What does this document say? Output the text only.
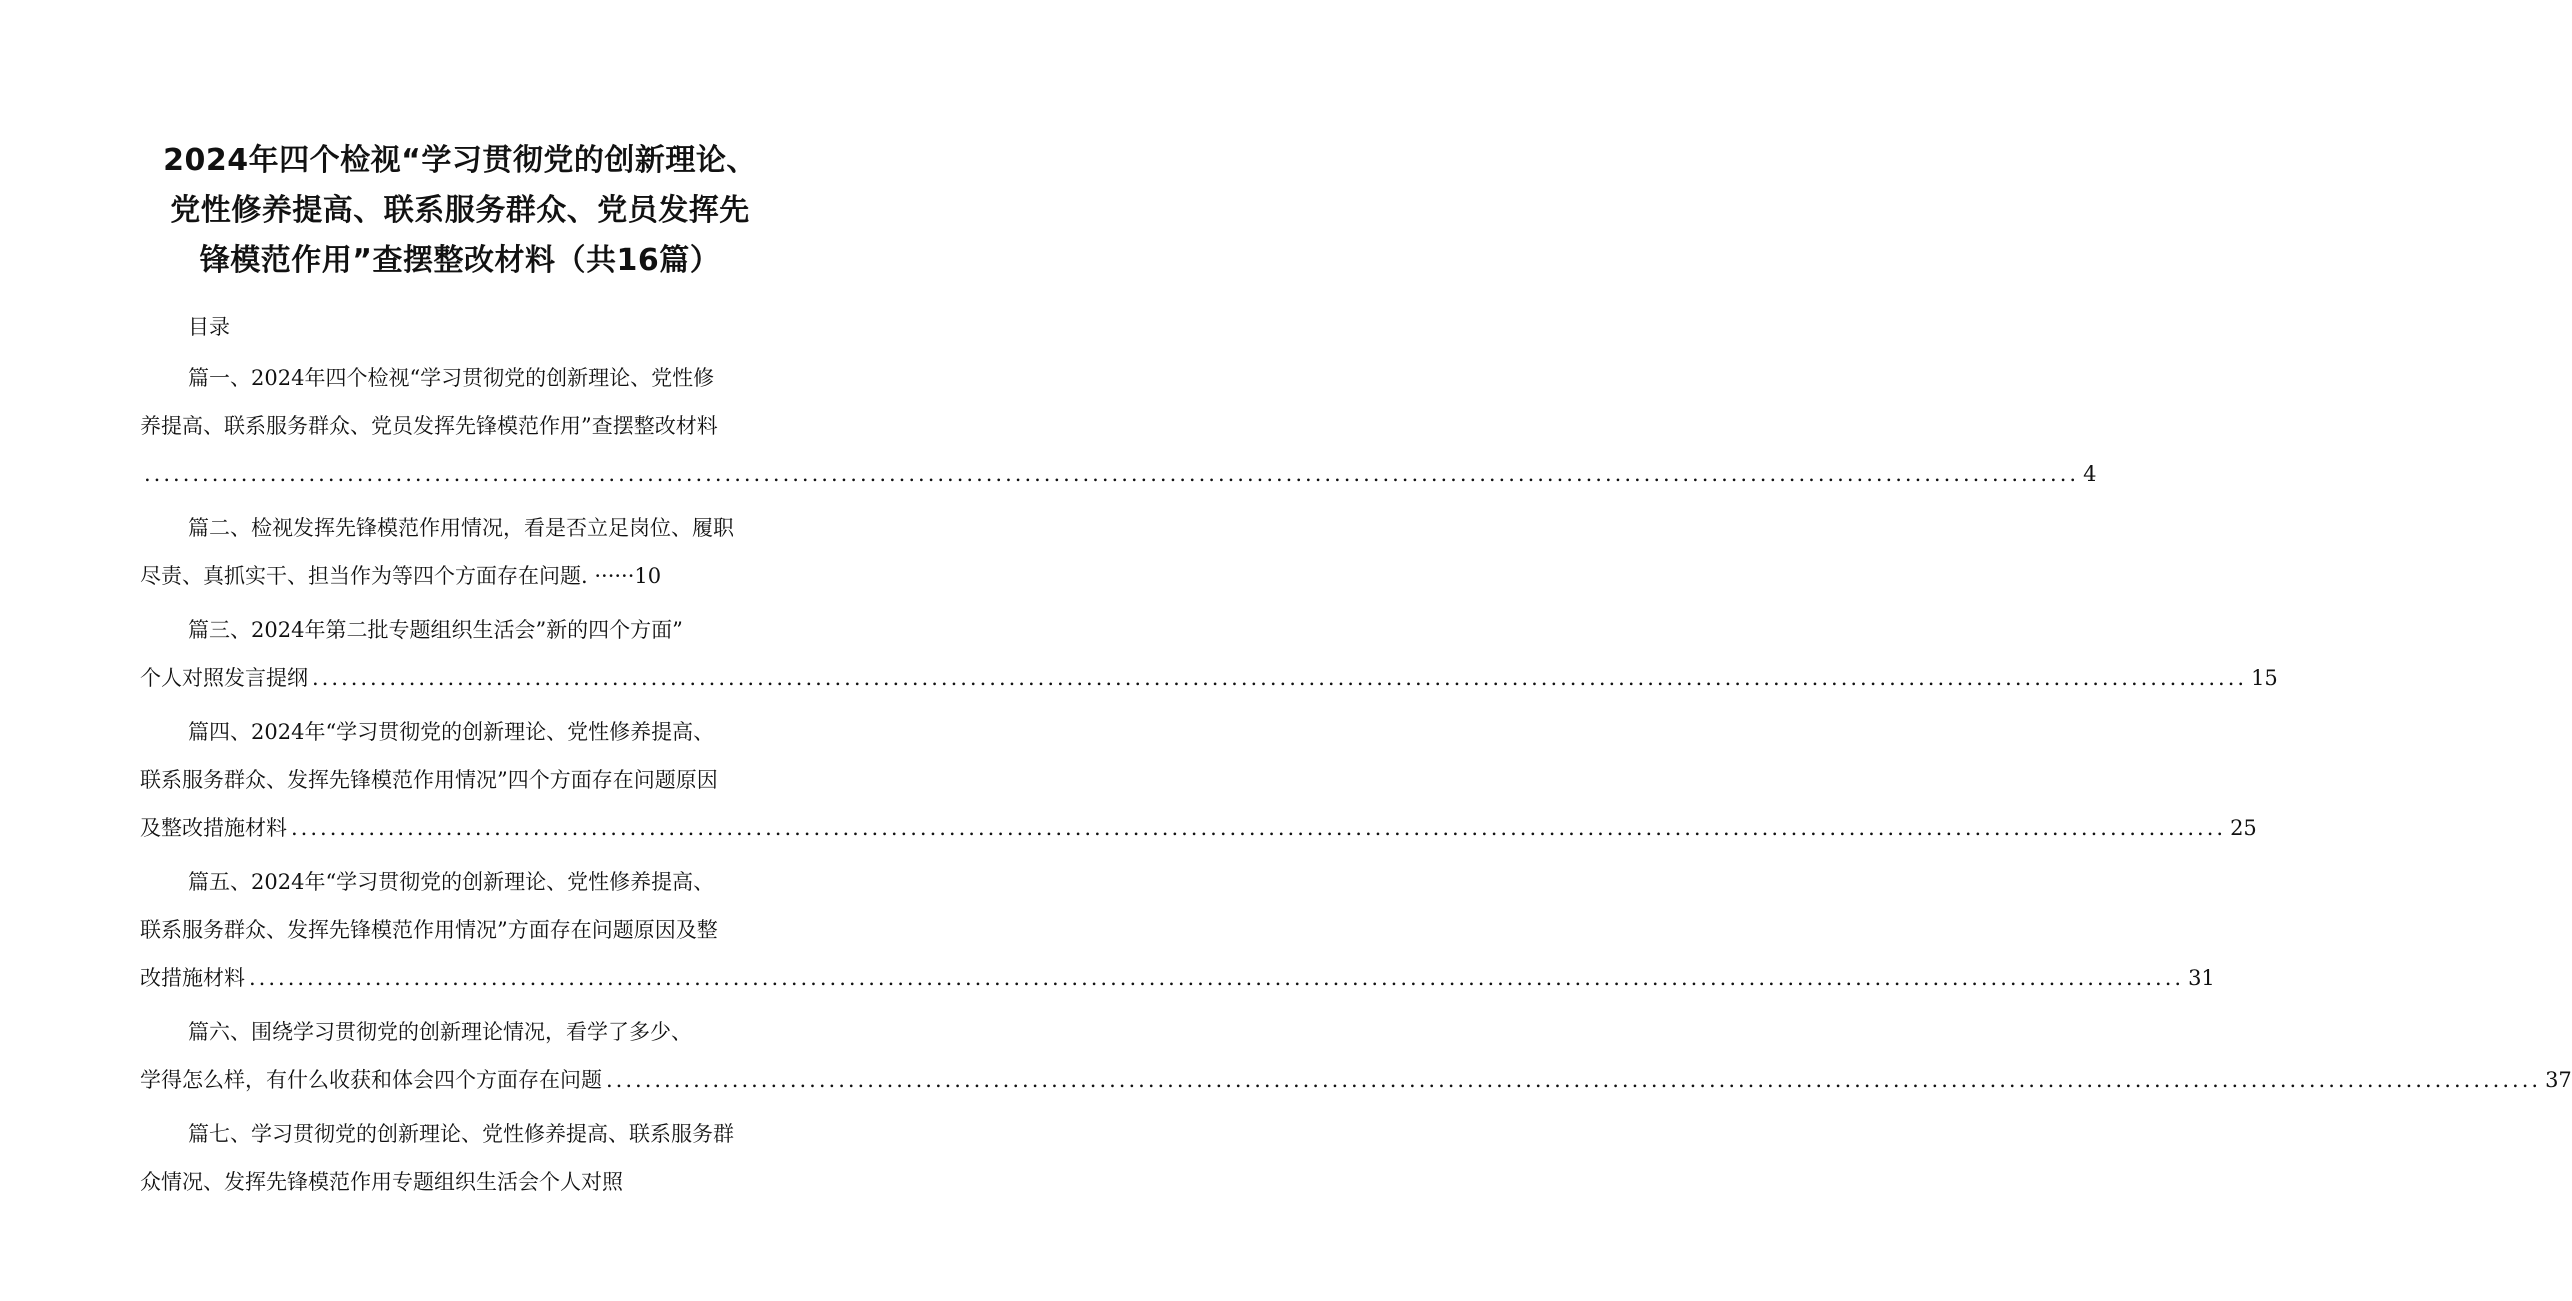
2024年四个检视“学习贯彻党的创新理论、
党性修养提高、联系服务群众、党员发挥先
锋模范作用”查摆整改材料（共16篇）
目录
篇一、2024年四个检视“学习贯彻党的创新理论、党性修
养提高、联系服务群众、党员发挥先锋模范作用”查摆整改材料
........................................................................................................................................................................................................ 4
篇二、检视发挥先锋模范作用情况，看是否立足岗位、履职
尽责、真抓实干、担当作为等四个方面存在问题. ······10
篇三、2024年第二批专题组织生活会”新的四个方面”
个人对照发言提纲 ........................................................................................................................................................................................................ 15
篇四、2024年“学习贯彻党的创新理论、党性修养提高、
联系服务群众、发挥先锋模范作用情况”四个方面存在问题原因
及整改措施材料 ........................................................................................................................................................................................................ 25
篇五、2024年“学习贯彻党的创新理论、党性修养提高、
联系服务群众、发挥先锋模范作用情况”方面存在问题原因及整
改措施材料 ........................................................................................................................................................................................................ 31
篇六、围绕学习贯彻党的创新理论情况，看学了多少、
学得怎么样，有什么收获和体会四个方面存在问题 ........................................................................................................................................................................................................ 37
篇七、学习贯彻党的创新理论、党性修养提高、联系服务群
众情况、发挥先锋模范作用专题组织生活会个人对照
